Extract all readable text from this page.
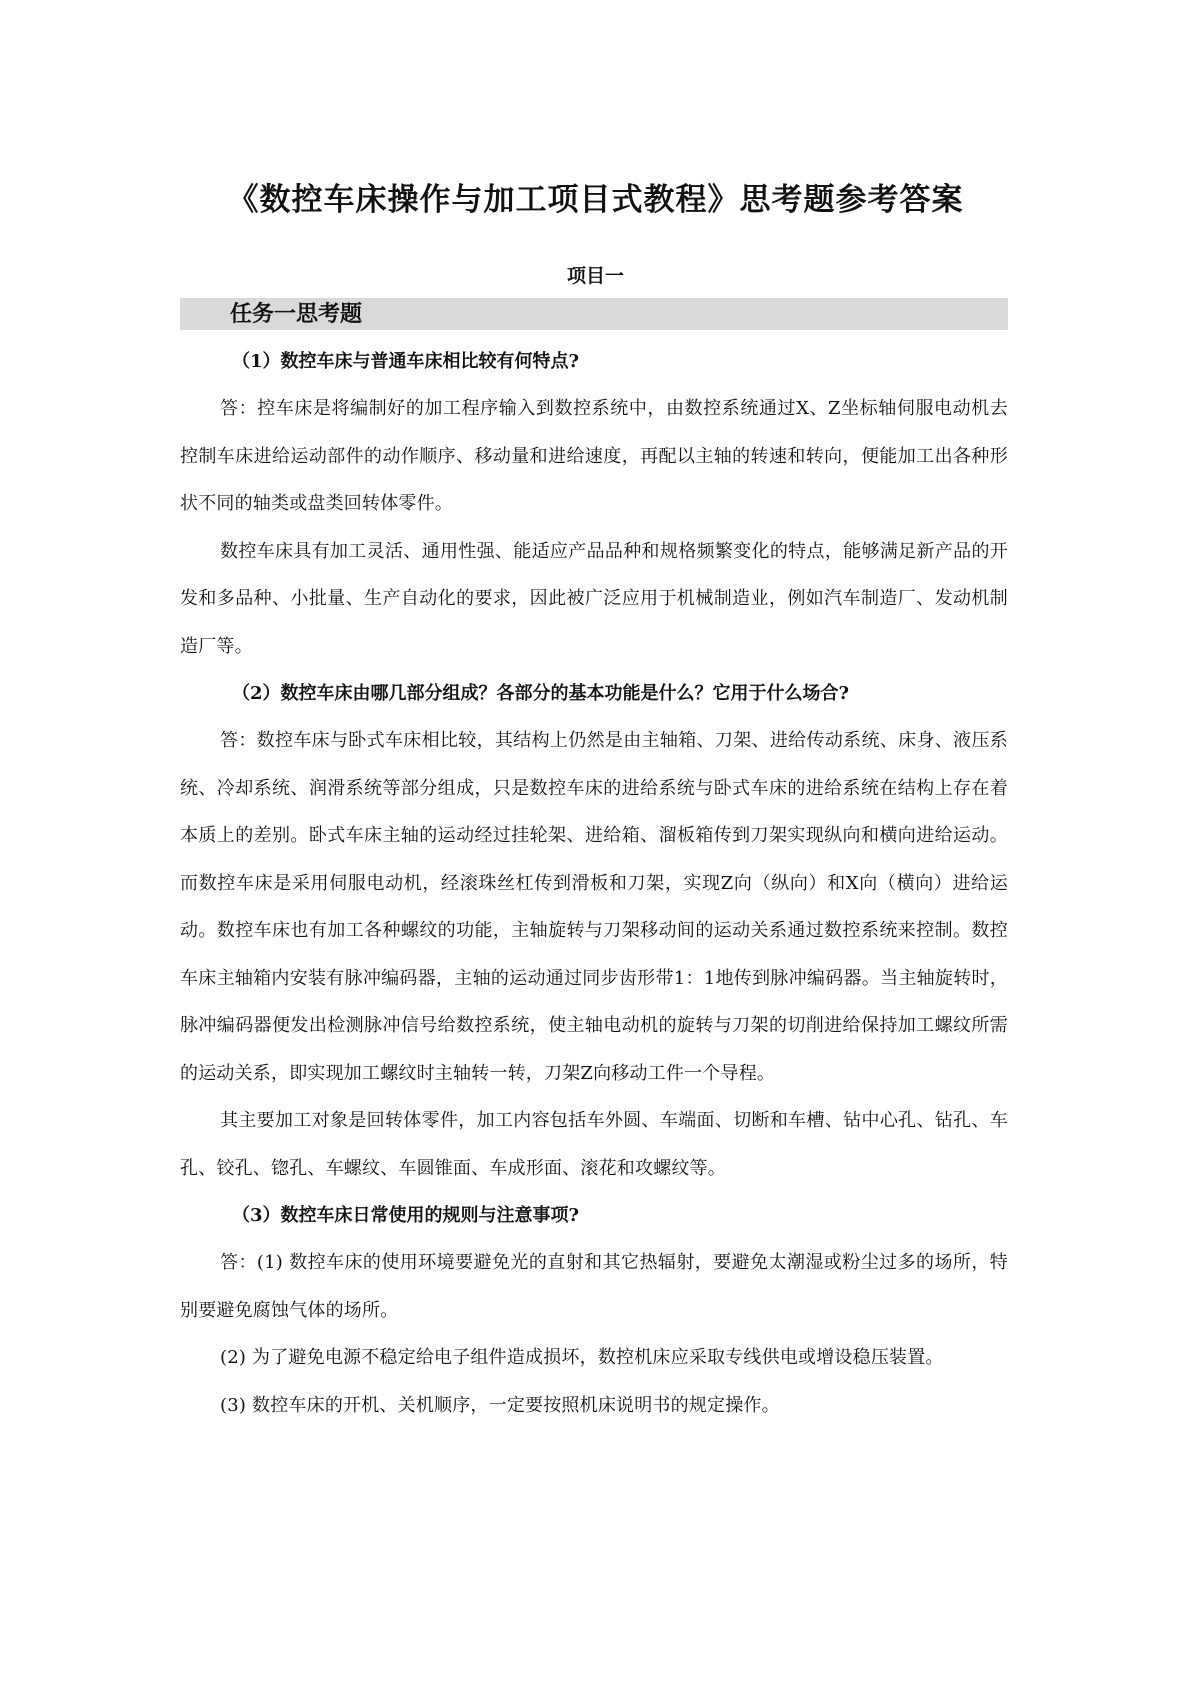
《数控车床操作与加工项目式教程》思考题参考答案
项目一
任务一思考题

（1）数控车床与普通车床相比较有何特点?

答：控车床是将编制好的加工程序输入到数控系统中，由数控系统通过X、Z坐标轴伺服电动机去控制车床进给运动部件的动作顺序、移动量和进给速度，再配以主轴的转速和转向，便能加工出各种形状不同的轴类或盘类回转体零件。

数控车床具有加工灵活、通用性强、能适应产品品种和规格频繁变化的特点，能够满足新产品的开发和多品种、小批量、生产自动化的要求，因此被广泛应用于机械制造业，例如汽车制造厂、发动机制造厂等。

（2）数控车床由哪几部分组成？各部分的基本功能是什么？它用于什么场合?

答：数控车床与卧式车床相比较，其结构上仍然是由主轴箱、刀架、进给传动系统、床身、液压系统、冷却系统、润滑系统等部分组成，只是数控车床的进给系统与卧式车床的进给系统在结构上存在着本质上的差别。卧式车床主轴的运动经过挂轮架、进给箱、溜板箱传到刀架实现纵向和横向进给运动。而数控车床是采用伺服电动机，经滚珠丝杠传到滑板和刀架，实现Z向（纵向）和X向（横向）进给运动。数控车床也有加工各种螺纹的功能，主轴旋转与刀架移动间的运动关系通过数控系统来控制。数控车床主轴箱内安装有脉冲编码器，主轴的运动通过同步齿形带1：1地传到脉冲编码器。当主轴旋转时，脉冲编码器便发出检测脉冲信号给数控系统，使主轴电动机的旋转与刀架的切削进给保持加工螺纹所需的运动关系，即实现加工螺纹时主轴转一转，刀架Z向移动工件一个导程。

其主要加工对象是回转体零件，加工内容包括车外圆、车端面、切断和车槽、钻中心孔、钻孔、车孔、铰孔、锪孔、车螺纹、车圆锥面、车成形面、滚花和攻螺纹等。

（3）数控车床日常使用的规则与注意事项?

答：(1) 数控车床的使用环境要避免光的直射和其它热辐射，要避免太潮湿或粉尘过多的场所，特别要避免腐蚀气体的场所。

(2) 为了避免电源不稳定给电子组件造成损坏，数控机床应采取专线供电或增设稳压装置。

(3) 数控车床的开机、关机顺序，一定要按照机床说明书的规定操作。
